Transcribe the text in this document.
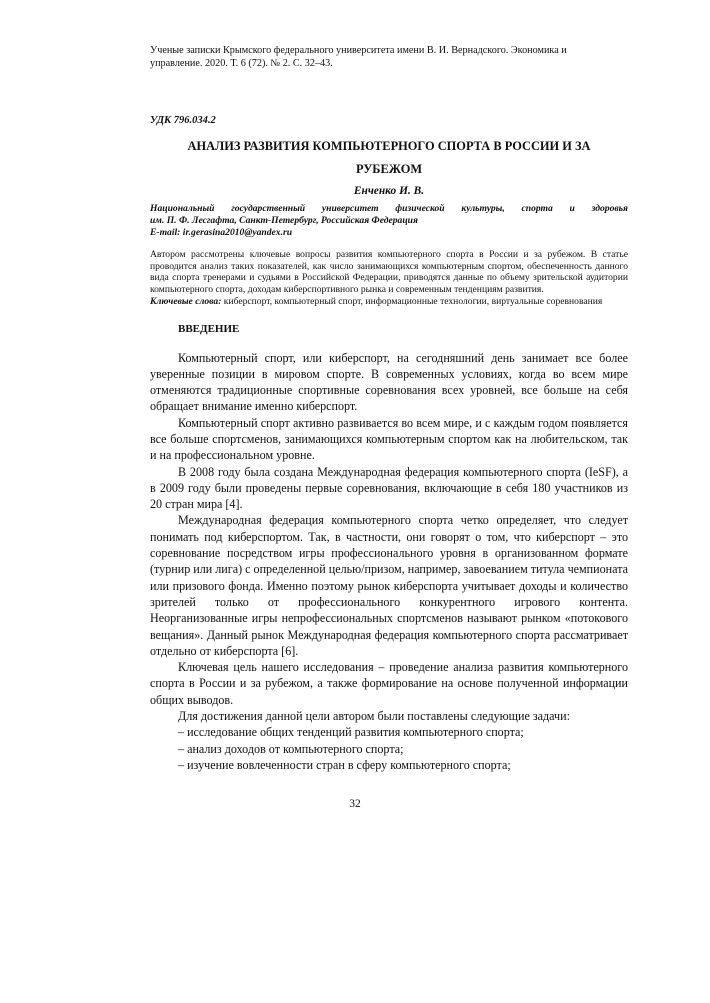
Ученые записки Крымского федерального университета имени В. И. Вернадского. Экономика и
управление. 2020. Т. 6 (72). № 2. С. 32–43.

УДК 796.034.2
АНАЛИЗ РАЗВИТИЯ КОМПЬЮТЕРНОГО СПОРТА В РОССИИ И ЗА
РУБЕЖОМ
Енченко И. В.
Национальный государственный университет физической культуры, спорта и здоровья
им. П. Ф. Лесгафта, Санкт-Петербург, Российская Федерация
E-mail: ir.gerasina2010@yandex.ru
Автором рассмотрены ключевые вопросы развития компьютерного спорта в России и за рубежом. В статье проводится анализ таких показателей, как число занимающихся компьютерным спортом, обеспеченность данного вида спорта тренерами и судьями в Российской Федерации, приводятся данные по объему зрительской аудитории компьютерного спорта, доходам киберспортивного рынка и современным тенденциям развития.
Ключевые слова: киберспорт, компьютерный спорт, информационные технологии, виртуальные соревнования
ВВЕДЕНИЕ

Компьютерный спорт, или киберспорт, на сегодняшний день занимает все более уверенные позиции в мировом спорте. В современных условиях, когда во всем мире отменяются традиционные спортивные соревнования всех уровней, все больше на себя обращает внимание именно киберспорт.

Компьютерный спорт активно развивается во всем мире, и с каждым годом появляется все больше спортсменов, занимающихся компьютерным спортом как на любительском, так и на профессиональном уровне.

В 2008 году была создана Международная федерация компьютерного спорта (IeSF), а в 2009 году были проведены первые соревнования, включающие в себя 180 участников из 20 стран мира [4].

Международная федерация компьютерного спорта четко определяет, что следует понимать под киберспортом. Так, в частности, они говорят о том, что киберспорт – это соревнование посредством игры профессионального уровня в организованном формате (турнир или лига) с определенной целью/призом, например, завоеванием титула чемпионата или призового фонда. Именно поэтому рынок киберспорта учитывает доходы и количество зрителей только от профессионального конкурентного игрового контента. Неорганизованные игры непрофессиональных спортсменов называют рынком «потокового вещания». Данный рынок Международная федерация компьютерного спорта рассматривает отдельно от киберспорта [6].

Ключевая цель нашего исследования – проведение анализа развития компьютерного спорта в России и за рубежом, а также формирование на основе полученной информации общих выводов.

Для достижения данной цели автором были поставлены следующие задачи:

– исследование общих тенденций развития компьютерного спорта;

– анализ доходов от компьютерного спорта;

– изучение вовлеченности стран в сферу компьютерного спорта;

32
